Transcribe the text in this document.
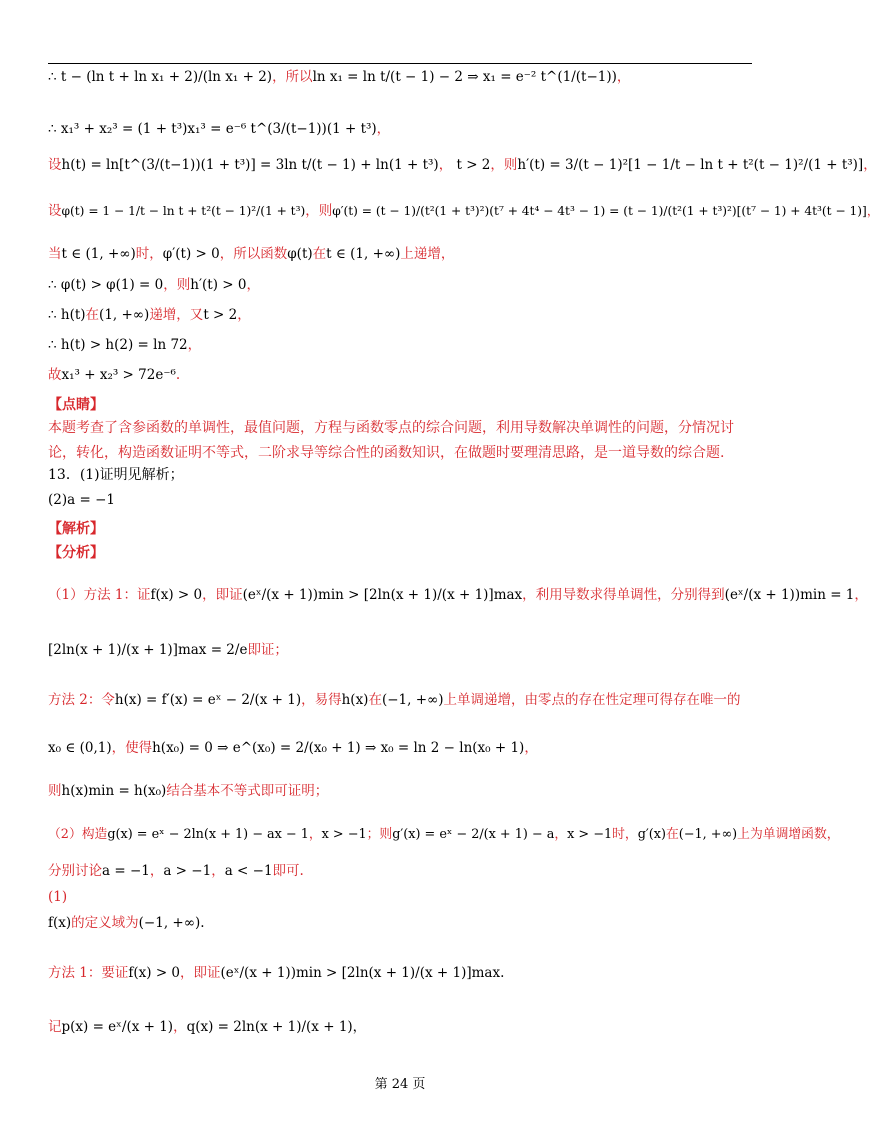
∴ t − (ln t + ln x₁ + 2)/(ln x₁ + 2)，所以ln x₁ = ln t/(t − 1) − 2 ⇒ x₁ = e⁻² t^(1/(t−1))，
∴ x₁³ + x₂³ = (1 + t³)x₁³ = e⁻⁶ t^(3/(t−1))(1 + t³)，
设h(t) = ln[t^(3/(t−1))(1 + t³)] = 3ln t/(t − 1) + ln(1 + t³)， t > 2，则h′(t) = 3/(t − 1)²[1 − 1/t − ln t + t²(t − 1)²/(1 + t³)]，
设φ(t) = 1 − 1/t − ln t + t²(t − 1)²/(1 + t³)，则φ′(t) = (t − 1)/(t²(1 + t³)²)(t⁷ + 4t⁴ − 4t³ − 1) = (t − 1)/(t²(1 + t³)²)[(t⁷ − 1) + 4t³(t − 1)]，
当t ∈ (1, +∞)时，φ′(t) > 0，所以函数φ(t)在t ∈ (1, +∞)上递增，
∴ φ(t) > φ(1) = 0，则h′(t) > 0，
∴ h(t)在(1, +∞)递增，又t > 2，
∴ h(t) > h(2) = ln 72，
故x₁³ + x₂³ > 72e⁻⁶.
【点睛】
本题考查了含参函数的单调性，最值问题，方程与函数零点的综合问题，利用导数解决单调性的问题，分情况讨论，转化，构造函数证明不等式，二阶求导等综合性的函数知识，在做题时要理清思路，是一道导数的综合题.
13．(1)证明见解析；
(2)a = −1
【解析】
【分析】
（1）方法 1：证f(x) > 0，即证(eˣ/(x + 1))min > [2ln(x + 1)/(x + 1)]max，利用导数求得单调性，分别得到(eˣ/(x + 1))min = 1，
[2ln(x + 1)/(x + 1)]max = 2/e即证；
方法 2：令h(x) = f′(x) = eˣ − 2/(x + 1)，易得h(x)在(−1, +∞)上单调递增，由零点的存在性定理可得存在唯一的
x₀ ∈ (0,1)，使得h(x₀) = 0 ⇒ e^(x₀) = 2/(x₀ + 1) ⇒ x₀ = ln 2 − ln(x₀ + 1)，
则h(x)min = h(x₀)结合基本不等式即可证明；
（2）构造g(x) = eˣ − 2ln(x + 1) − ax − 1，x > −1；则g′(x) = eˣ − 2/(x + 1) − a，x > −1时，g′(x)在(−1, +∞)上为单调增函数，
分别讨论a = −1，a > −1，a < −1即可.
(1)
f(x)的定义域为(−1, +∞).
方法 1：要证f(x) > 0，即证(eˣ/(x + 1))min > [2ln(x + 1)/(x + 1)]max.
记p(x) = eˣ/(x + 1)，q(x) = 2ln(x + 1)/(x + 1)，
第 24 页
